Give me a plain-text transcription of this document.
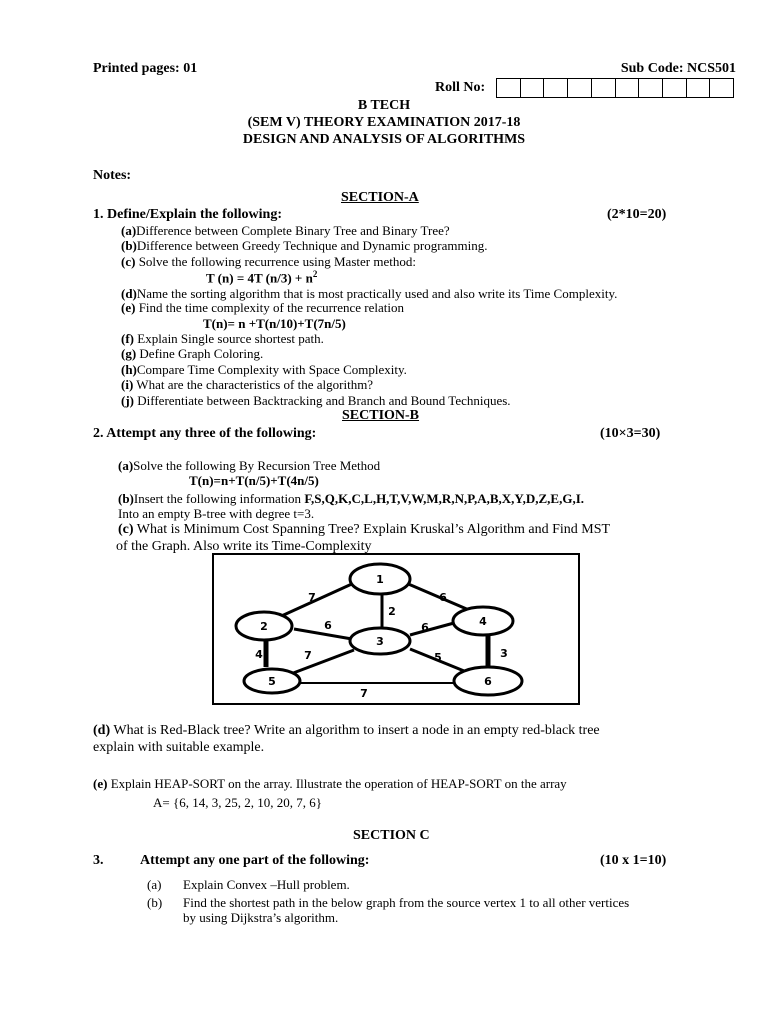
Printed pages: 01	Sub Code: NCS501
Roll No:
B TECH
(SEM V) THEORY EXAMINATION 2017-18
DESIGN AND ANALYSIS OF ALGORITHMS
Notes:
SECTION-A
1. Define/Explain the following:	(2*10=20)
(a)Difference between Complete Binary Tree and Binary Tree?
(b)Difference between Greedy Technique and Dynamic programming.
(c) Solve the following recurrence using Master method:
T (n) = 4T $(n/3) + n^2$
(d)Name the sorting algorithm that is most practically used and also write its Time Complexity.
(e) Find the time complexity of the recurrence relation
T(n)= n +T(n/10)+T(7n/5)
(f) Explain Single source shortest path.
(g) Define Graph Coloring.
(h)Compare Time Complexity with Space Complexity.
(i) What are the characteristics of the algorithm?
(j) Differentiate between Backtracking and Branch and Bound Techniques.
SECTION-B
2. Attempt any three of the following:	(10×3=30)
(a)Solve the following By Recursion Tree Method
T(n)=n+T(n/5)+T(4n/5)
(b)Insert the following information F,S,Q,K,C,L,H,T,V,W,M,R,N,P,A,B,X,Y,D,Z,E,G,I.
Into an empty B-tree with degree t=3.
(c) What is Minimum Cost Spanning Tree? Explain Kruskal’s Algorithm and Find MST
of the Graph. Also write its Time-Complexity
1
2
3
4
5	6
7	6
2
6	6
4	7	5	3
7
(d) What is Red-Black tree? Write an algorithm to insert a node in an empty red-black tree
explain with suitable example.
(e) Explain HEAP-SORT on the array. Illustrate the operation of HEAP-SORT on the array
A= {6, 14, 3, 25, 2, 10, 20, 7, 6}
SECTION C
3.	Attempt any one part of the following:	(10 x 1=10)
(a) Explain Convex –Hull problem.
(b) Find the shortest path in the below graph from the source vertex 1 to all other vertices
by using Dijkstra’s algorithm.
